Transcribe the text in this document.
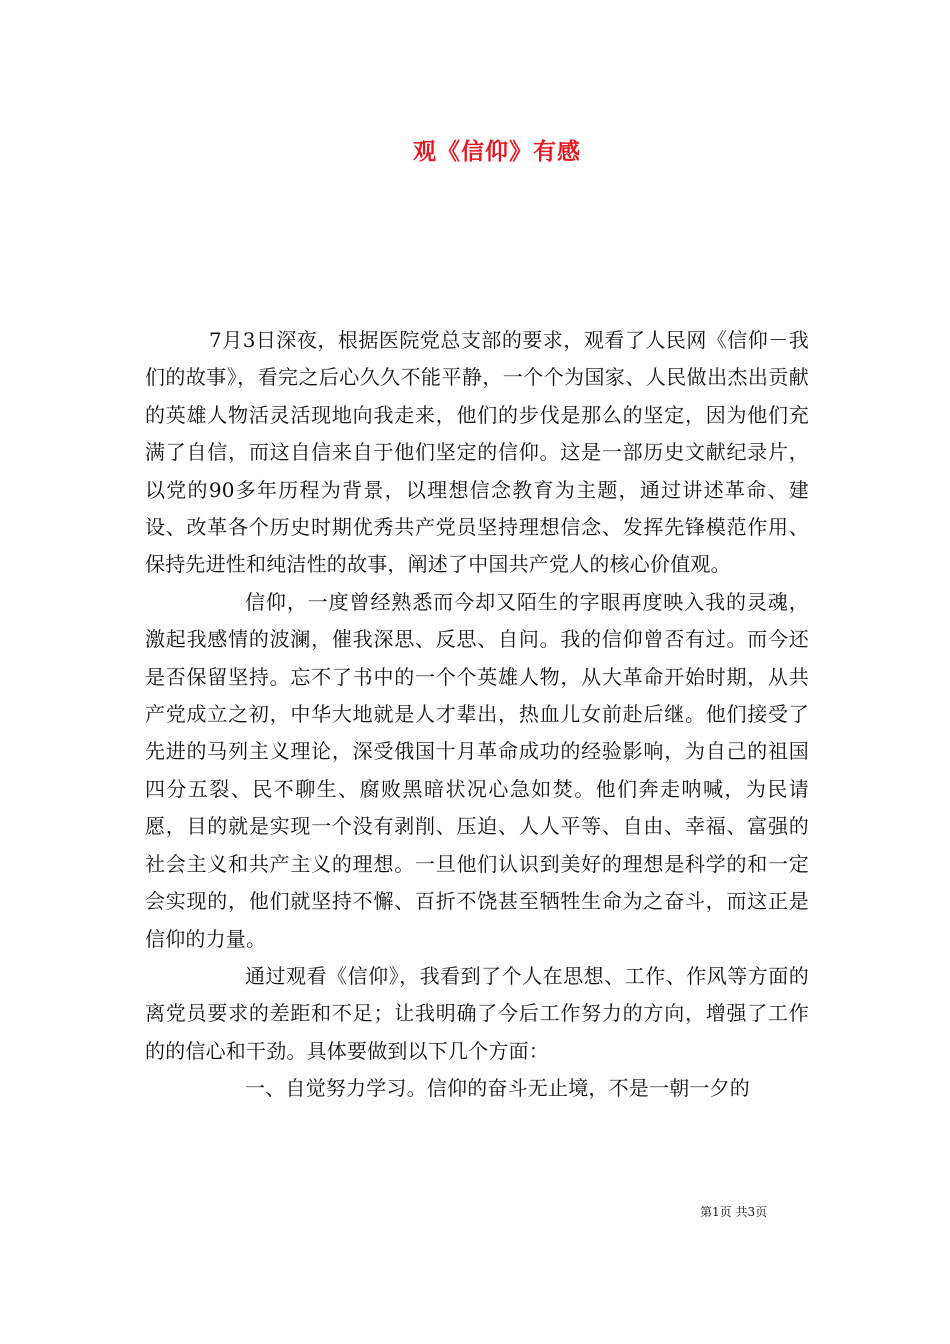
观《信仰》有感

7月3日深夜，根据医院党总支部的要求，观看了人民网《信仰－我们的故事》，看完之后心久久不能平静，一个个为国家、人民做出杰出贡献的英雄人物活灵活现地向我走来，他们的步伐是那么的坚定，因为他们充满了自信，而这自信来自于他们坚定的信仰。这是一部历史文献纪录片，以党的90多年历程为背景，以理想信念教育为主题，通过讲述革命、建设、改革各个历史时期优秀共产党员坚持理想信念、发挥先锋模范作用、保持先进性和纯洁性的故事，阐述了中国共产党人的核心价值观。

信仰，一度曾经熟悉而今却又陌生的字眼再度映入我的灵魂，激起我感情的波澜，催我深思、反思、自问。我的信仰曾否有过。而今还是否保留坚持。忘不了书中的一个个英雄人物，从大革命开始时期，从共产党成立之初，中华大地就是人才辈出，热血儿女前赴后继。他们接受了先进的马列主义理论，深受俄国十月革命成功的经验影响，为自己的祖国四分五裂、民不聊生、腐败黑暗状况心急如焚。他们奔走呐喊，为民请愿，目的就是实现一个没有剥削、压迫、人人平等、自由、幸福、富强的社会主义和共产主义的理想。一旦他们认识到美好的理想是科学的和一定会实现的，他们就坚持不懈、百折不饶甚至牺牲生命为之奋斗，而这正是信仰的力量。

通过观看《信仰》，我看到了个人在思想、工作、作风等方面的离党员要求的差距和不足；让我明确了今后工作努力的方向，增强了工作的的信心和干劲。具体要做到以下几个方面：

一、自觉努力学习。信仰的奋斗无止境，不是一朝一夕的

第1页 共3页
